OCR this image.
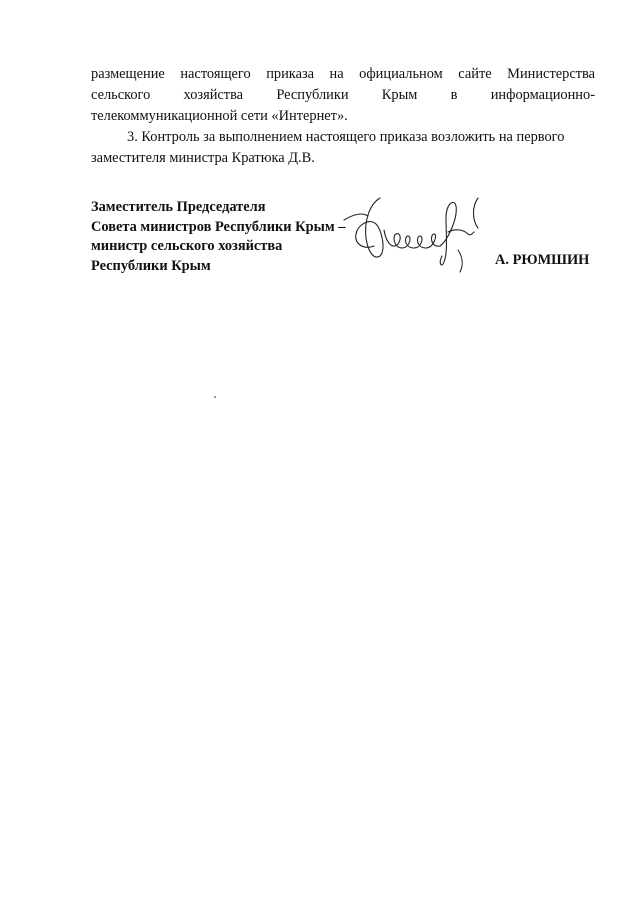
размещение настоящего приказа на официальном сайте Министерства
сельского хозяйства Республики Крым в информационно-
телекоммуникационной сети «Интернет».
3. Контроль за выполнением настоящего приказа возложить на первого
заместителя министра Кратюка Д.В.
Заместитель Председателя
Совета министров Республики Крым –
министр сельского хозяйства
Республики Крым	А. РЮМШИН
